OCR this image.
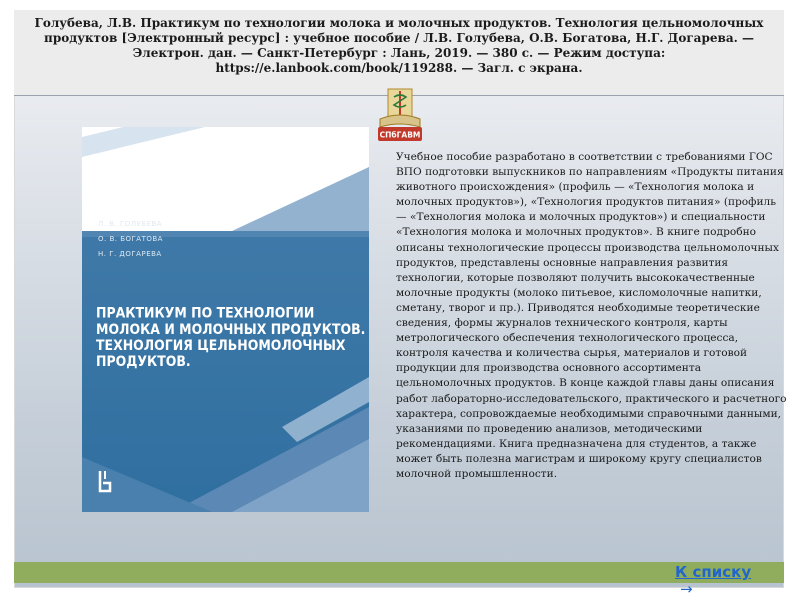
Голубева, Л.В. Практикум по технологии молока и молочных продуктов. Технология цельномолочных продуктов [Электронный ресурс] : учебное пособие / Л.В. Голубева, О.В. Богатова, Н.Г. Догарева. — Электрон. дан. — Санкт-Петербург : Лань, 2019. — 380 с. — Режим доступа: https://e.lanbook.com/book/119288. — Загл. с экрана.
СПбГАВМ
Л. В. ГОЛУБЕВА
О. В. БОГАТОВА
Н. Г. ДОГАРЕВА
ПРАКТИКУМ ПО ТЕХНОЛОГИИ МОЛОКА И МОЛОЧНЫХ ПРОДУКТОВ. ТЕХНОЛОГИЯ ЦЕЛЬНОМОЛОЧНЫХ ПРОДУКТОВ.
Учебное пособие разработано в соответствии с требованиями ГОС ВПО подготовки выпускников по направлениям «Продукты питания животного происхождения» (профиль — «Технология молока и молочных продуктов»), «Технология продуктов питания» (профиль — «Технология молока и молочных продуктов») и специальности «Технология молока и молочных продуктов». В книге подробно описаны технологические процессы производства цельномолочных продуктов, представлены основные направления развития технологии, которые позволяют получить высококачественные молочные продукты (молоко питьевое, кисломолочные напитки, сметану, творог и пр.). Приводятся необходимые теоретические сведения, формы журналов технического контроля, карты метрологического обеспечения технологического процесса, контроля качества и количества сырья, материалов и готовой продукции для производства основного ассортимента цельномолочных продуктов. В конце каждой главы даны описания работ лабораторно-исследовательского, практического и расчетного характера, сопровождаемые необходимыми справочными данными, указаниями по проведению анализов, методическими рекомендациями. Книга предназначена для студентов, а также может быть полезна магистрам и широкому кругу специалистов молочной промышленности.
К списку
→
